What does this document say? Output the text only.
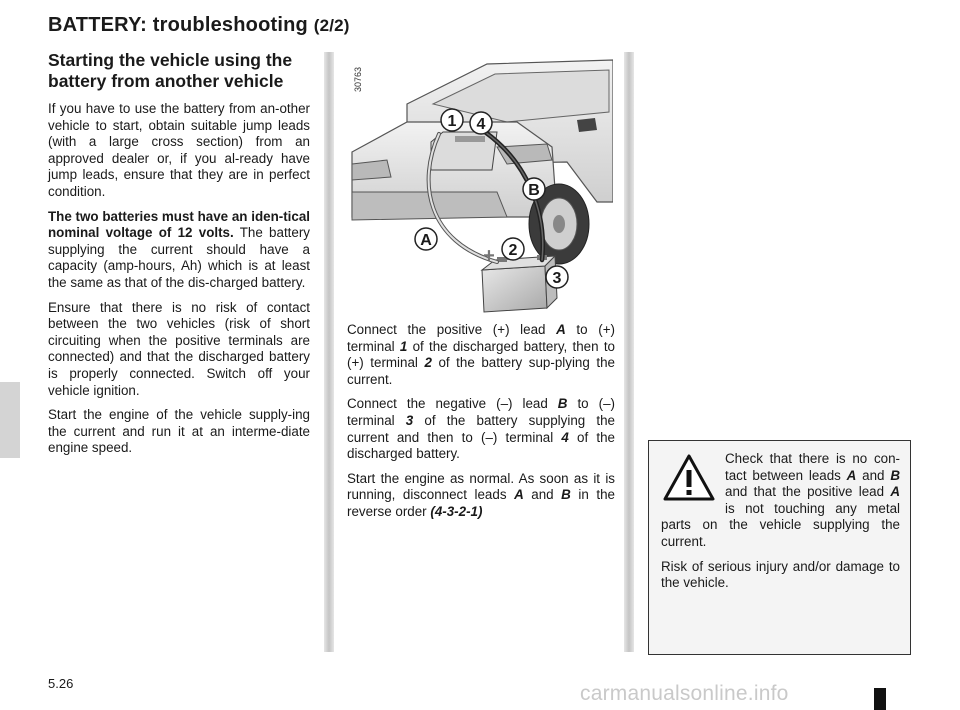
BATTERY: troubleshooting (2/2)
Starting the vehicle using the battery from another vehicle

If you have to use the battery from an-other vehicle to start, obtain suitable jump leads (with a large cross section) from an approved dealer or, if you al-ready have jump leads, ensure that they are in perfect condition.

The two batteries must have an iden-tical nominal voltage of 12 volts. The battery supplying the current should have a capacity (amp-hours, Ah) which is at least the same as that of the dis-charged battery.

Ensure that there is no risk of contact between the two vehicles (risk of short circuiting when the positive terminals are connected) and that the discharged battery is properly connected. Switch off your vehicle ignition.

Start the engine of the vehicle supply-ing the current and run it at an interme-diate engine speed.

30763
1 4
B
A
2
3
+

Connect the positive (+) lead A to (+) terminal 1 of the discharged battery, then to (+) terminal 2 of the battery sup-plying the current.

Connect the negative (–) lead B to (–) terminal 3 of the battery supplying the current and then to (–) terminal 4 of the discharged battery.

Start the engine as normal. As soon as it is running, disconnect leads A and B in the reverse order (4-3-2-1)

Check that there is no con-tact between leads A and B and that the positive lead A is not touching any metal parts on the vehicle supplying the current.

Risk of serious injury and/or damage to the vehicle.

5.26	carmanualsonline.info
